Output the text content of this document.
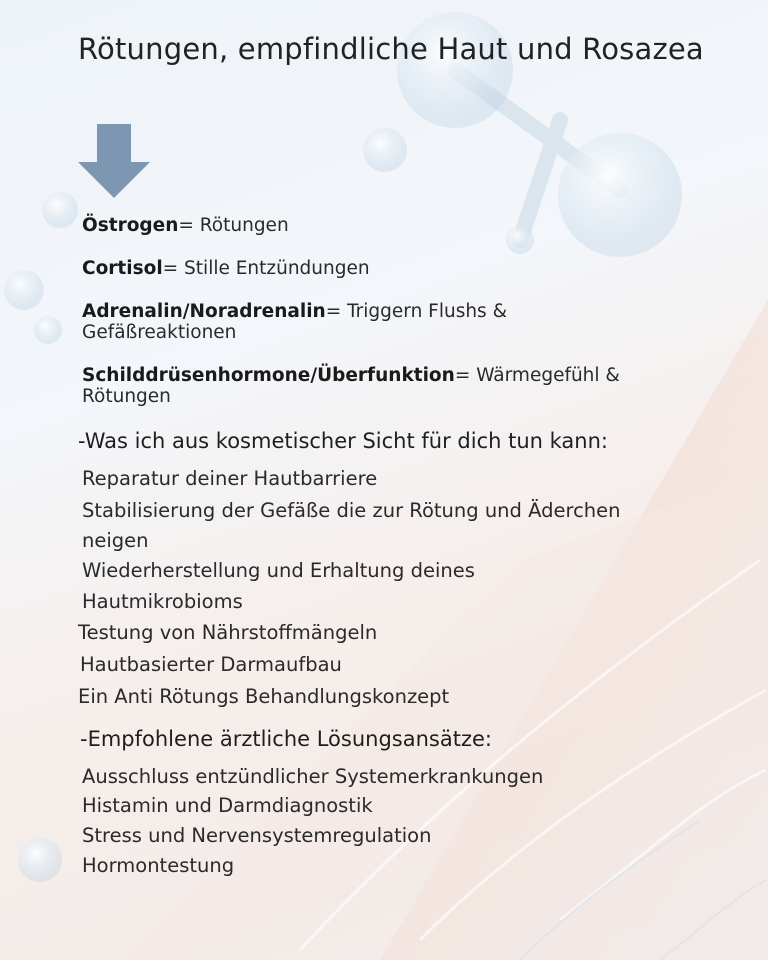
Rötungen, empfindliche Haut und Rosazea
Östrogen= Rötungen
Cortisol= Stille Entzündungen
Adrenalin/Noradrenalin= Triggern Flushs & Gefäßreaktionen
Schilddrüsenhormone/Überfunktion= Wärmegefühl & Rötungen
-Was ich aus kosmetischer Sicht für dich tun kann:
Reparatur deiner Hautbarriere
Stabilisierung der Gefäße die zur Rötung und Äderchen
neigen
Wiederherstellung und Erhaltung deines
Hautmikrobioms
Testung von Nährstoffmängeln
Hautbasierter Darmaufbau
Ein Anti Rötungs Behandlungskonzept
-Empfohlene ärztliche Lösungsansätze:
Ausschluss entzündlicher Systemerkrankungen
Histamin und Darmdiagnostik
Stress und Nervensystemregulation
Hormontestung
